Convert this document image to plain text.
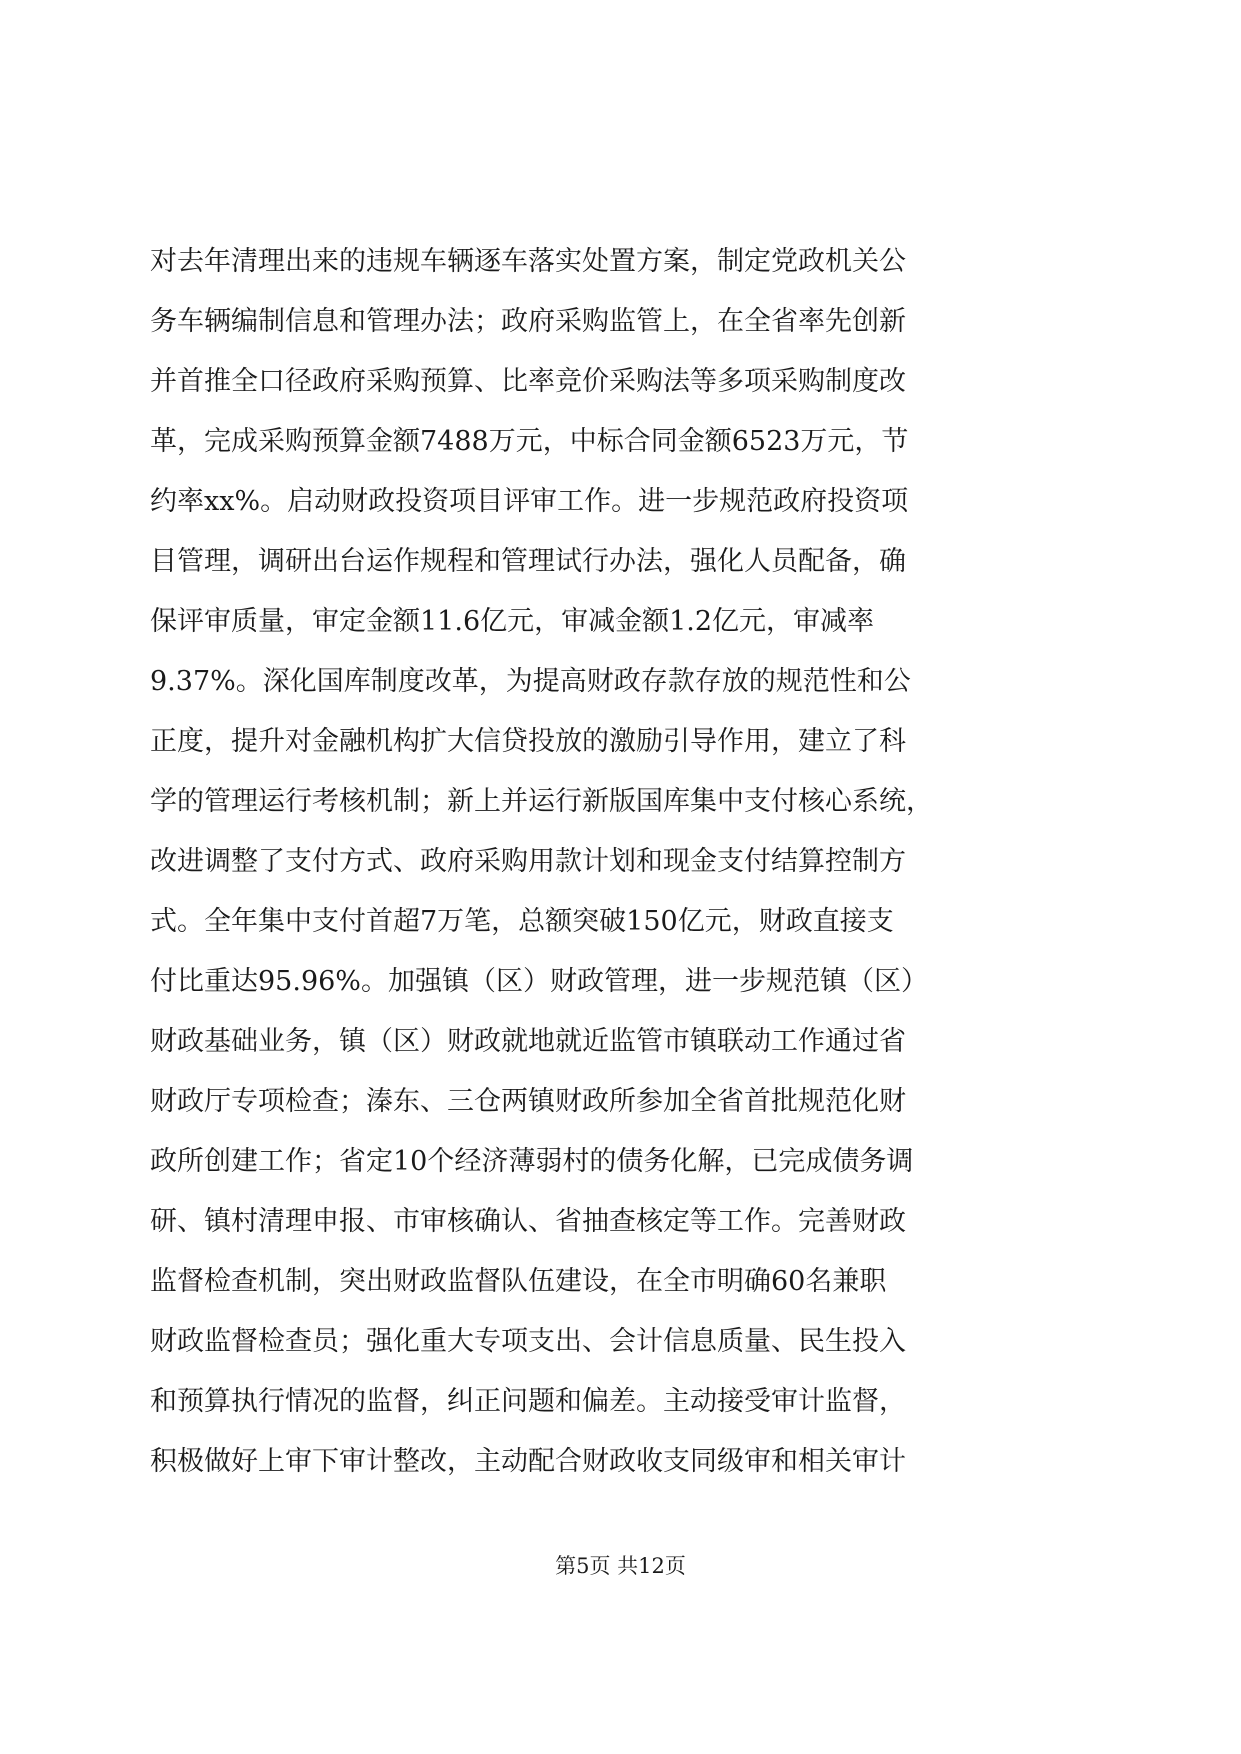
对去年清理出来的违规车辆逐车落实处置方案，制定党政机关公
务车辆编制信息和管理办法；政府采购监管上，在全省率先创新
并首推全口径政府采购预算、比率竞价采购法等多项采购制度改
革，完成采购预算金额7488万元，中标合同金额6523万元，节
约率xx%。启动财政投资项目评审工作。进一步规范政府投资项
目管理，调研出台运作规程和管理试行办法，强化人员配备，确
保评审质量，审定金额11.6亿元，审减金额1.2亿元，审减率
9.37%。深化国库制度改革，为提高财政存款存放的规范性和公
正度，提升对金融机构扩大信贷投放的激励引导作用，建立了科
学的管理运行考核机制；新上并运行新版国库集中支付核心系统，
改进调整了支付方式、政府采购用款计划和现金支付结算控制方
式。全年集中支付首超7万笔，总额突破150亿元，财政直接支
付比重达95.96%。加强镇（区）财政管理，进一步规范镇（区）
财政基础业务，镇（区）财政就地就近监管市镇联动工作通过省
财政厅专项检查；溱东、三仓两镇财政所参加全省首批规范化财
政所创建工作；省定10个经济薄弱村的债务化解，已完成债务调
研、镇村清理申报、市审核确认、省抽查核定等工作。完善财政
监督检查机制，突出财政监督队伍建设，在全市明确60名兼职
财政监督检查员；强化重大专项支出、会计信息质量、民生投入
和预算执行情况的监督，纠正问题和偏差。主动接受审计监督，
积极做好上审下审计整改，主动配合财政收支同级审和相关审计
第5页 共12页
